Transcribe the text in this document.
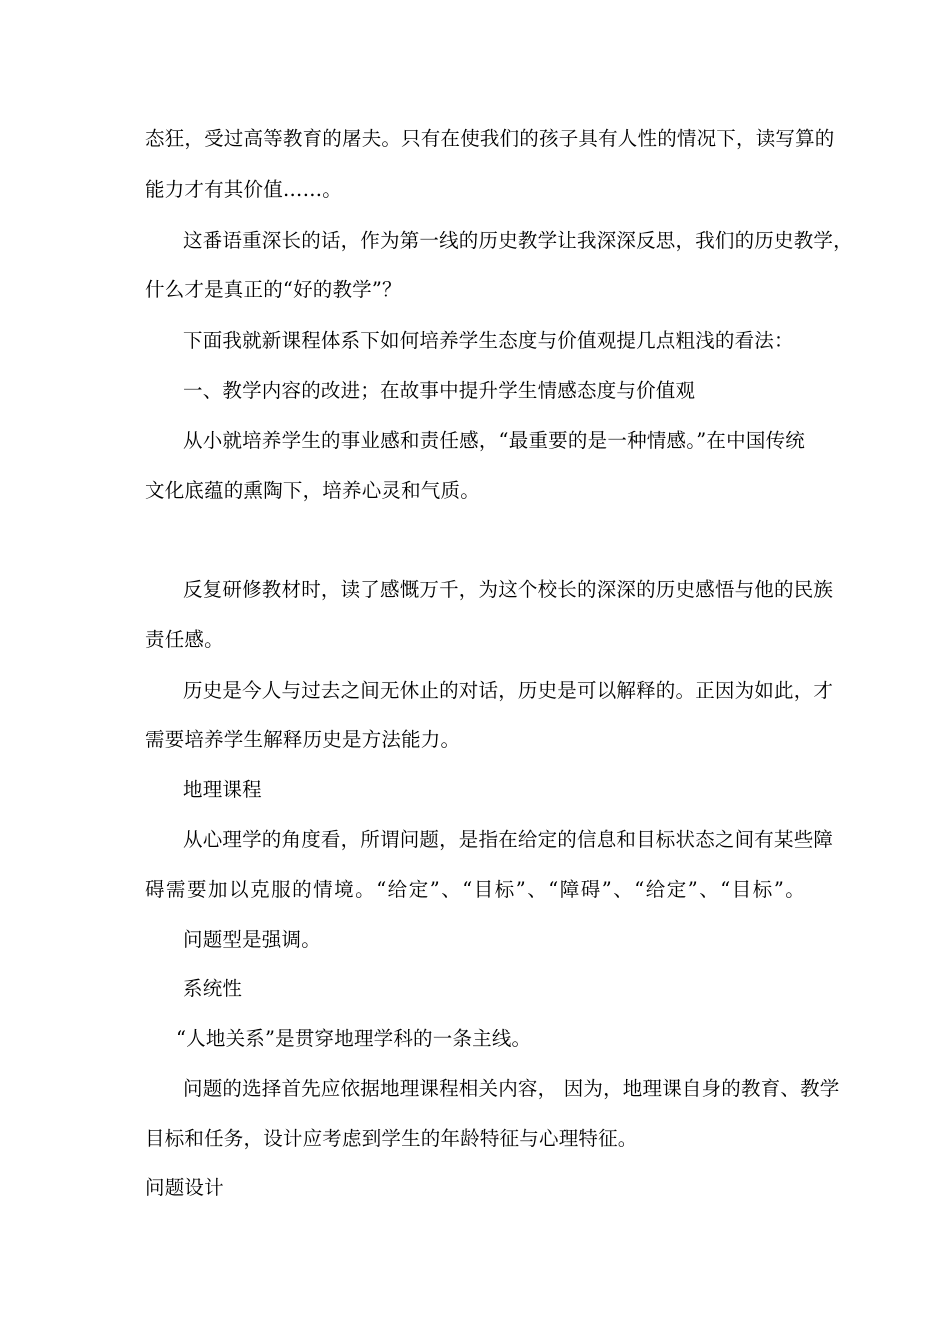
态狂，受过高等教育的屠夫。只有在使我们的孩子具有人性的情况下，读写算的
能力才有其价值……。
这番语重深长的话，作为第一线的历史教学让我深深反思，我们的历史教学，
什么才是真正的“好的教学”？
下面我就新课程体系下如何培养学生态度与价值观提几点粗浅的看法：
一、教学内容的改进；在故事中提升学生情感态度与价值观
从小就培养学生的事业感和责任感，“最重要的是一种情感。”在中国传统
文化底蕴的熏陶下，培养心灵和气质。
反复研修教材时，读了感慨万千，为这个校长的深深的历史感悟与他的民族
责任感。
历史是今人与过去之间无休止的对话，历史是可以解释的。正因为如此，才
需要培养学生解释历史是方法能力。
地理课程
从心理学的角度看，所谓问题，是指在给定的信息和目标状态之间有某些障
碍需要加以克服的情境。“给定”、“目标”、“障碍”、“给定”、“目标”。
问题型是强调。
系统性
“人地关系”是贯穿地理学科的一条主线。
问题的选择首先应依据地理课程相关内容， 因为，地理课自身的教育、教学
目标和任务，设计应考虑到学生的年龄特征与心理特征。
问题设计
